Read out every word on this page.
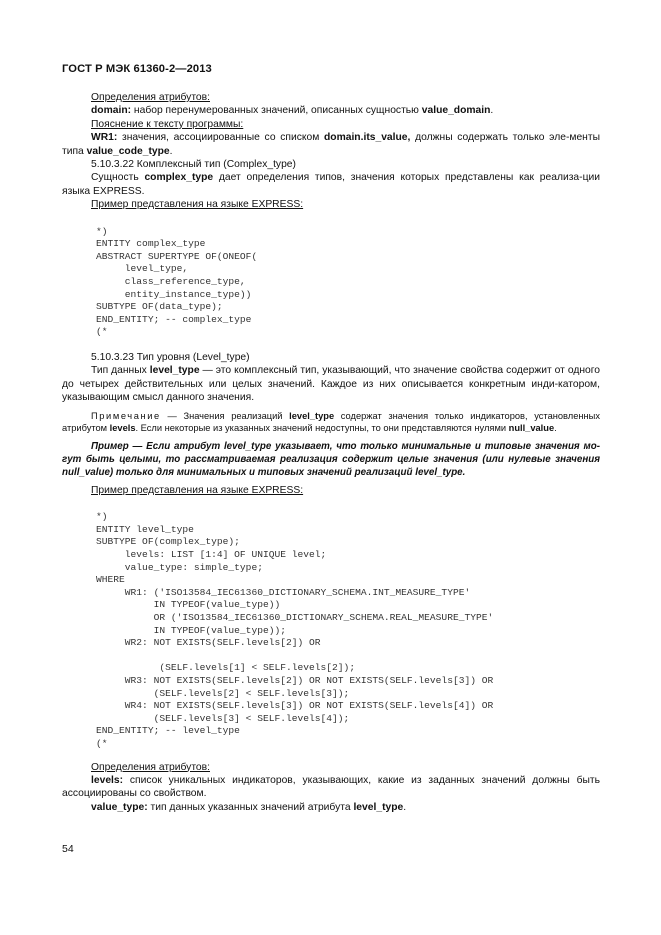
ГОСТ Р МЭК 61360-2—2013

Определения атрибутов:

domain: набор перенумерованных значений, описанных сущностью value_domain.

Пояснение к тексту программы:

WR1: значения, ассоциированные со списком domain.its_value, должны содержать только эле-менты типа value_code_type.

5.10.3.22 Комплексный тип (Complex_type)

Сущность complex_type дает определения типов, значения которых представлены как реализа-ции языка EXPRESS.

Пример представления на языке EXPRESS:

*)
ENTITY complex_type
ABSTRACT SUPERTYPE OF(ONEOF(
level_type,
class_reference_type,
entity_instance_type))
SUBTYPE OF(data_type);
END_ENTITY; -- complex_type
(*

5.10.3.23 Тип уровня (Level_type)

Тип данных level_type — это комплексный тип, указывающий, что значение свойства содержит от одного до четырех действительных или целых значений. Каждое из них описывается конкретным инди-катором, указывающим смысл данного значения.

Примечание — Значения реализаций level_type содержат значения только индикаторов, установленных атрибутом levels. Если некоторые из указанных значений недоступны, то они представляются нулями null_value.

Пример — Если атрибут level_type указывает, что только минимальные и типовые значения мо-гут быть целыми, то рассматриваемая реализация содержит целые значения (или нулевые значения null_value) только для минимальных и типовых значений реализаций level_type.

Пример представления на языке EXPRESS:

*)
ENTITY level_type
SUBTYPE OF(complex_type);
levels: LIST [1:4] OF UNIQUE level;
value_type: simple_type;
WHERE
WR1: ('ISO13584_IEC61360_DICTIONARY_SCHEMA.INT_MEASURE_TYPE'
IN TYPEOF(value_type))
OR ('ISO13584_IEC61360_DICTIONARY_SCHEMA.REAL_MEASURE_TYPE'
IN TYPEOF(value_type));
WR2: NOT EXISTS(SELF.levels[2]) OR

(SELF.levels[1] < SELF.levels[2]);
WR3: NOT EXISTS(SELF.levels[2]) OR NOT EXISTS(SELF.levels[3]) OR
(SELF.levels[2] < SELF.levels[3]);
WR4: NOT EXISTS(SELF.levels[3]) OR NOT EXISTS(SELF.levels[4]) OR
(SELF.levels[3] < SELF.levels[4]);
END_ENTITY; -- level_type
(*

Определения атрибутов:

levels: список уникальных индикаторов, указывающих, какие из заданных значений должны быть ассоциированы со свойством.

value_type: тип данных указанных значений атрибута level_type.

54
